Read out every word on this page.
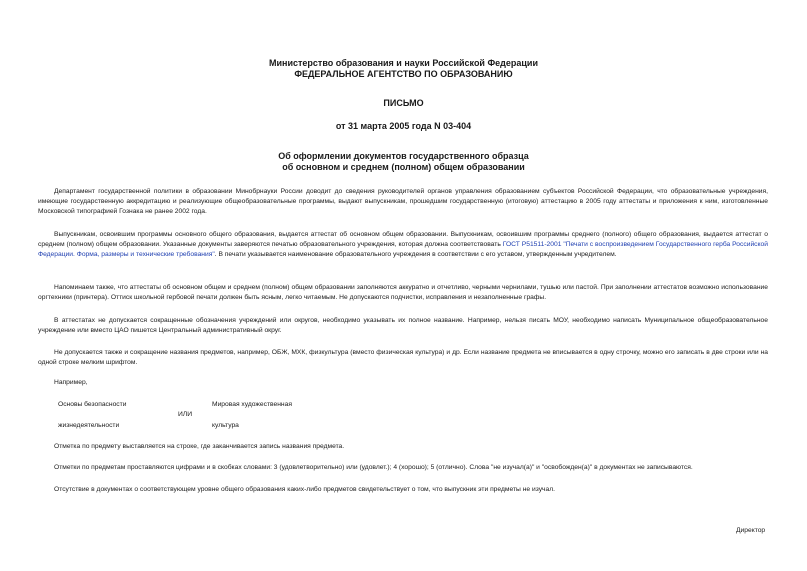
Министерство образования и науки Российской Федерации
ФЕДЕРАЛЬНОЕ АГЕНТСТВО ПО ОБРАЗОВАНИЮ
ПИСЬМО
от 31 марта 2005 года N 03-404
Об оформлении документов государственного образца
об основном и среднем (полном) общем образовании
Департамент государственной политики в образовании Минобрнауки России доводит до сведения руководителей органов управления образованием субъектов Российской Федерации, что образовательные учреждения, имеющие государственную аккредитацию и реализующие общеобразовательные программы, выдают выпускникам, прошедшим государственную (итоговую) аттестацию в 2005 году аттестаты и приложения к ним, изготовленные Московской типографией Гознака не ранее 2002 года.
Выпускникам, освоившим программы основного общего образования, выдается аттестат об основном общем образовании. Выпускникам, освоившим программы среднего (полного) общего образования, выдается аттестат о среднем (полном) общем образовании. Указанные документы заверяются печатью образовательного учреждения, которая должна соответствовать ГОСТ Р51511-2001 "Печати с воспроизведением Государственного герба Российской Федерации. Форма, размеры и технические требования". В печати указывается наименование образовательного учреждения в соответствии с его уставом, утвержденным учредителем.
Напоминаем также, что аттестаты об основном общем и среднем (полном) общем образовании заполняются аккуратно и отчетливо, черными чернилами, тушью или пастой. При заполнении аттестатов возможно использование оргтехники (принтера). Оттиск школьной гербовой печати должен быть ясным, легко читаемым. Не допускаются подчистки, исправления и незаполненные графы.
В аттестатах не допускается сокращенные обозначения учреждений или округов, необходимо указывать их полное название. Например, нельзя писать МОУ, необходимо написать Муниципальное общеобразовательное учреждение или вместо ЦАО пишется Центральный административный округ.
Не допускается также и сокращение названия предметов, например, ОБЖ, МХК, физкультура (вместо физическая культура) и др. Если название предмета не вписывается в одну строчку, можно его записать в две строки или на одной строке мелким шрифтом.
Например,
Основы безопасности
жизнедеятельности
ИЛИ
Мировая художественная
культура
Отметка по предмету выставляется на строке, где заканчивается запись названия предмета.
Отметки по предметам проставляются цифрами и в скобках словами: 3 (удовлетворительно) или (удовлет.); 4 (хорошо); 5 (отлично). Слова "не изучал(а)" и "освобожден(а)" в документах не записываются.
Отсутствие в документах о соответствующем уровне общего образования каких-либо предметов свидетельствует о том, что выпускник эти предметы не изучал.
Директор
